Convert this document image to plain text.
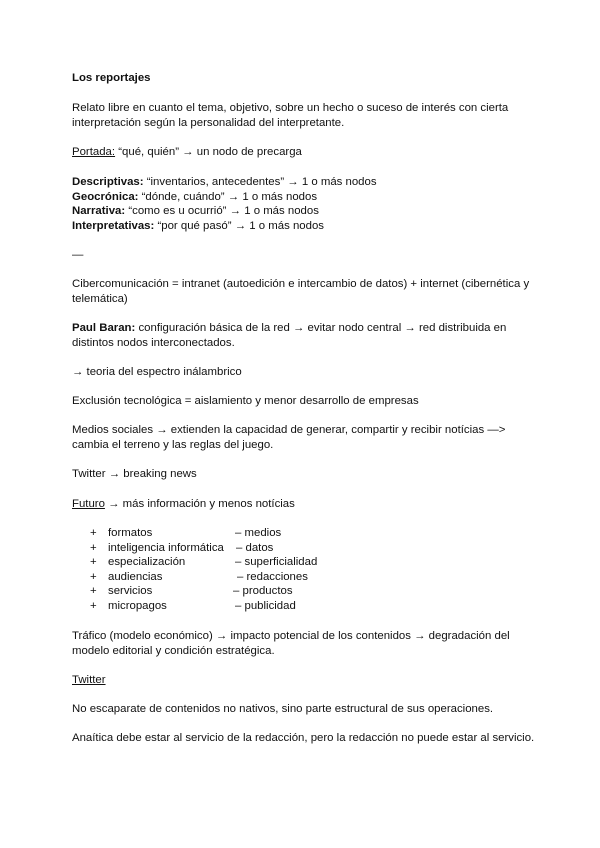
Los reportajes

Relato libre en cuanto el tema, objetivo, sobre un hecho o suceso de interés con cierta interpretación según la personalidad del interpretante.

Portada: “qué, quién” → un nodo de precarga

Descriptivas: “inventarios, antecedentes” → 1 o más nodos

Geocrónica: “dónde, cuándo” → 1 o más nodos

Narrativa: “como es u ocurrió” → 1 o más nodos

Interpretativas: “por qué pasó” → 1 o más nodos

—

Cibercomunicación = intranet (autoedición e intercambio de datos) + internet (cibernética y telemática)

Paul Baran: configuración básica de la red → evitar nodo central → red distribuida en distintos nodos interconectados.

→ teoria del espectro inálambrico

Exclusión tecnológica = aislamiento y menor desarrollo de empresas

Medios sociales → extienden la capacidad de generar, compartir y recibir notícias —> cambia el terreno y las reglas del juego.

Twitter → breaking news

Futuro → más información y menos notícias

+ formatos	– medios
+ inteligencia informática – datos
+ especialización	– superficialidad
+ audiencias	– redacciones
+ servicios	– productos
+ micropagos	– publicidad

Tráfico (modelo económico) → impacto potencial de los contenidos → degradación del modelo editorial y condición estratégica.

Twitter

No escaparate de contenidos no nativos, sino parte estructural de sus operaciones.

Anaítica debe estar al servicio de la redacción, pero la redacción no puede estar al servicio.
